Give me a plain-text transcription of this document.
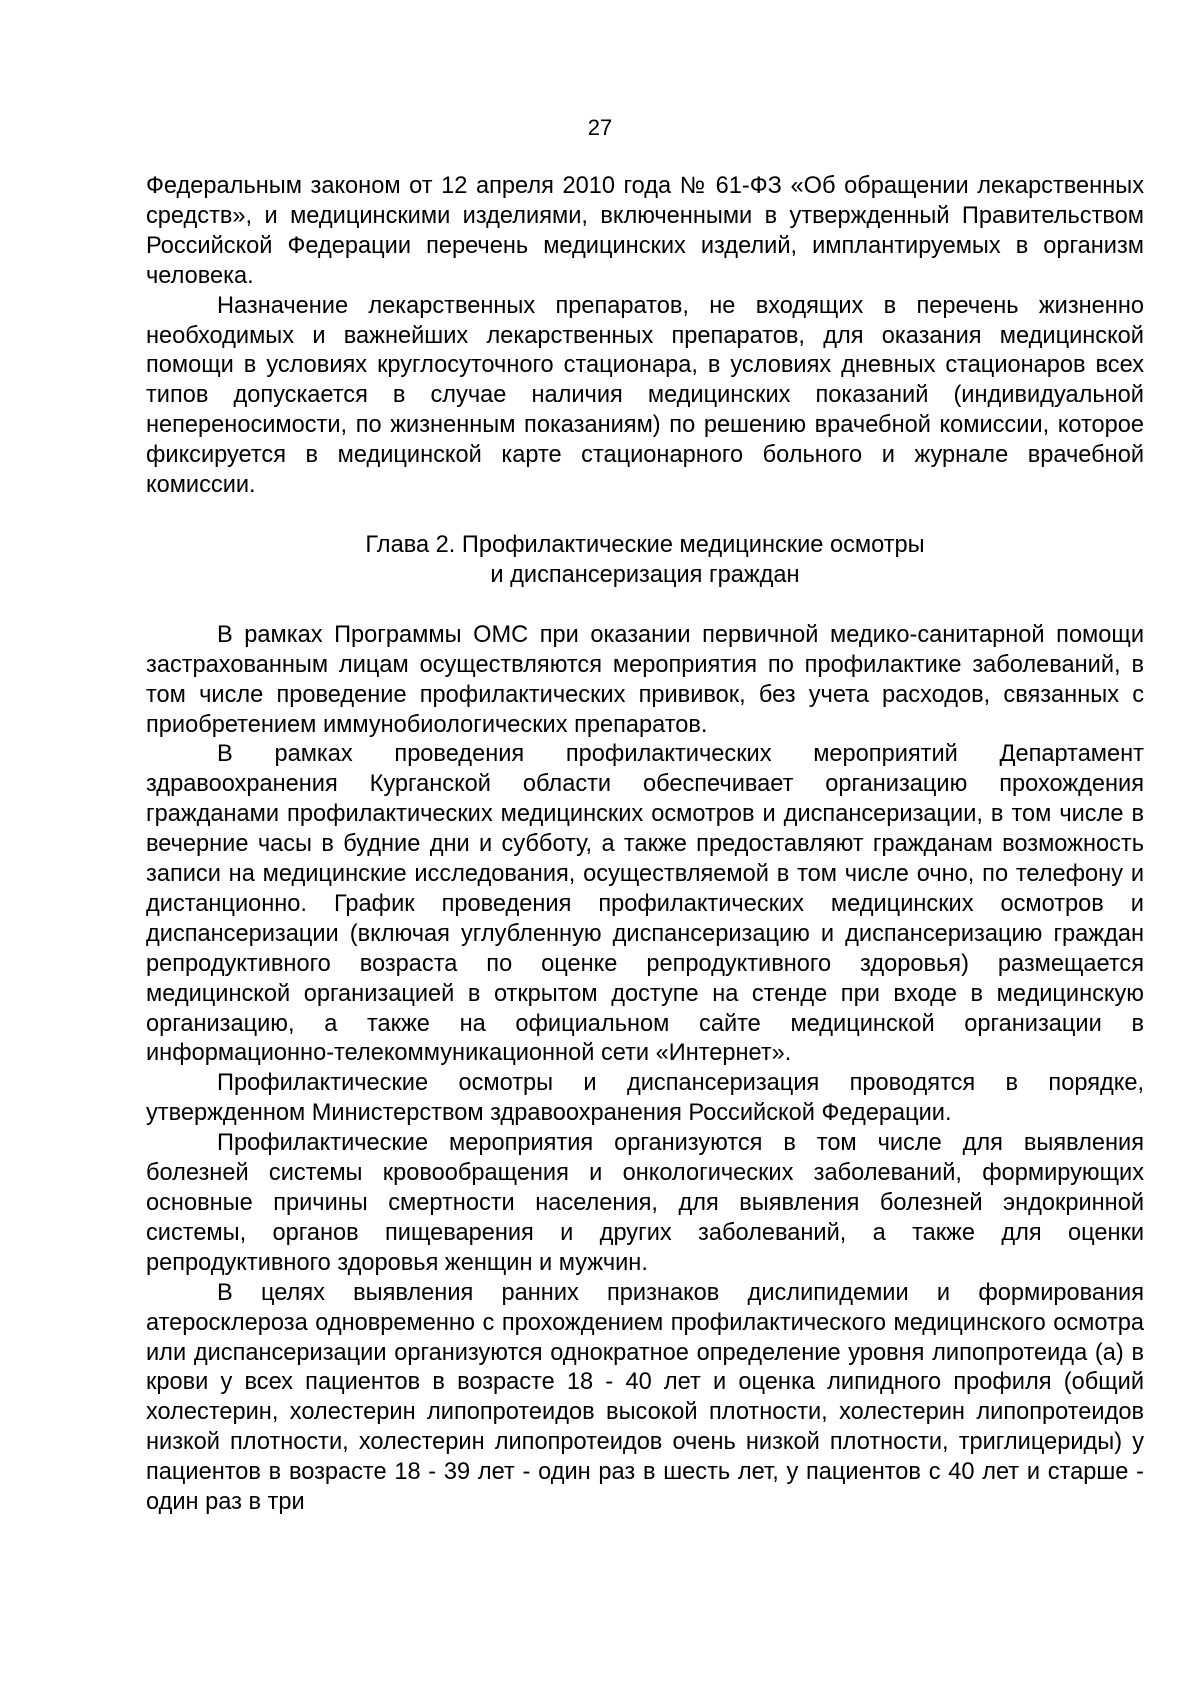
27

Федеральным законом от 12 апреля 2010 года № 61-ФЗ «Об обращении лекарственных средств», и медицинскими изделиями, включенными в утвержденный Правительством Российской Федерации перечень медицинских изделий, имплантируемых в организм человека.

Назначение лекарственных препаратов, не входящих в перечень жизненно необходимых и важнейших лекарственных препаратов, для оказания медицинской помощи в условиях круглосуточного стационара, в условиях дневных стационаров всех типов допускается в случае наличия медицинских показаний (индивидуальной непереносимости, по жизненным показаниям) по решению врачебной комиссии, которое фиксируется в медицинской карте стационарного больного и журнале врачебной комиссии.

Глава 2. Профилактические медицинские осмотры
и диспансеризация граждан

В рамках Программы ОМС при оказании первичной медико-санитарной помощи застрахованным лицам осуществляются мероприятия по профилактике заболеваний, в том числе проведение профилактических прививок, без учета расходов, связанных с приобретением иммунобиологических препаратов.

В рамках проведения профилактических мероприятий Департамент здравоохранения Курганской области обеспечивает организацию прохождения гражданами профилактических медицинских осмотров и диспансеризации, в том числе в вечерние часы в будние дни и субботу, а также предоставляют гражданам возможность записи на медицинские исследования, осуществляемой в том числе очно, по телефону и дистанционно. График проведения профилактических медицинских осмотров и диспансеризации (включая углубленную диспансеризацию и диспансеризацию граждан репродуктивного возраста по оценке репродуктивного здоровья) размещается медицинской организацией в открытом доступе на стенде при входе в медицинскую организацию, а также на официальном сайте медицинской организации в информационно-телекоммуникационной сети «Интернет».

Профилактические осмотры и диспансеризация проводятся в порядке, утвержденном Министерством здравоохранения Российской Федерации.

Профилактические мероприятия организуются в том числе для выявления болезней системы кровообращения и онкологических заболеваний, формирующих основные причины смертности населения, для выявления болезней эндокринной системы, органов пищеварения и других заболеваний, а также для оценки репродуктивного здоровья женщин и мужчин.

В целях выявления ранних признаков дислипидемии и формирования атеросклероза одновременно с прохождением профилактического медицинского осмотра или диспансеризации организуются однократное определение уровня липопротеида (а) в крови у всех пациентов в возрасте 18 - 40 лет и оценка липидного профиля (общий холестерин, холестерин липопротеидов высокой плотности, холестерин липопротеидов низкой плотности, холестерин липопротеидов очень низкой плотности, триглицериды) у пациентов в возрасте 18 - 39 лет - один раз в шесть лет, у пациентов с 40 лет и старше - один раз в три
